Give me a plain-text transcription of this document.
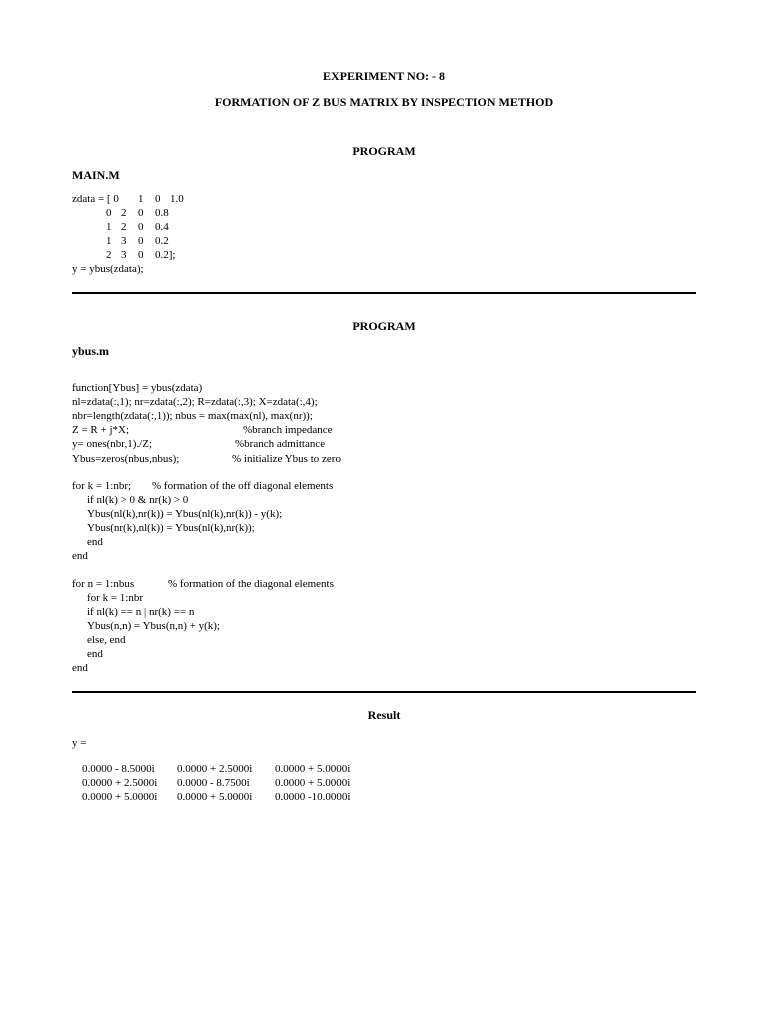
EXPERIMENT NO: - 8
FORMATION OF Z BUS MATRIX BY INSPECTION METHOD
PROGRAM
MAIN.M
zdata = [ 0 1 0 1.0
0 2 0 0.8
1 2 0 0.4
1 3 0 0.2
2 3 0 0.2];
y = ybus(zdata);
PROGRAM
ybus.m
function[Ybus] = ybus(zdata)
nl=zdata(:,1); nr=zdata(:,2); R=zdata(:,3); X=zdata(:,4);
nbr=length(zdata(:,1)); nbus = max(max(nl), max(nr));
Z = R + j*X;	%branch impedance
y= ones(nbr,1)./Z;	%branch admittance
Ybus=zeros(nbus,nbus);	% initialize Ybus to zero
for k = 1:nbr; % formation of the off diagonal elements
if nl(k) > 0 & nr(k) > 0
Ybus(nl(k),nr(k)) = Ybus(nl(k),nr(k)) - y(k);
Ybus(nr(k),nl(k)) = Ybus(nl(k),nr(k));
end
end
for n = 1:nbus	% formation of the diagonal elements
for k = 1:nbr
if nl(k) == n | nr(k) == n
Ybus(n,n) = Ybus(n,n) + y(k);
else, end
end
end
Result
y =
0.0000 - 8.5000i 0.0000 + 2.5000i 0.0000 + 5.0000i
0.0000 + 2.5000i 0.0000 - 8.7500i 0.0000 + 5.0000i
0.0000 + 5.0000i 0.0000 + 5.0000i 0.0000 -10.0000i
